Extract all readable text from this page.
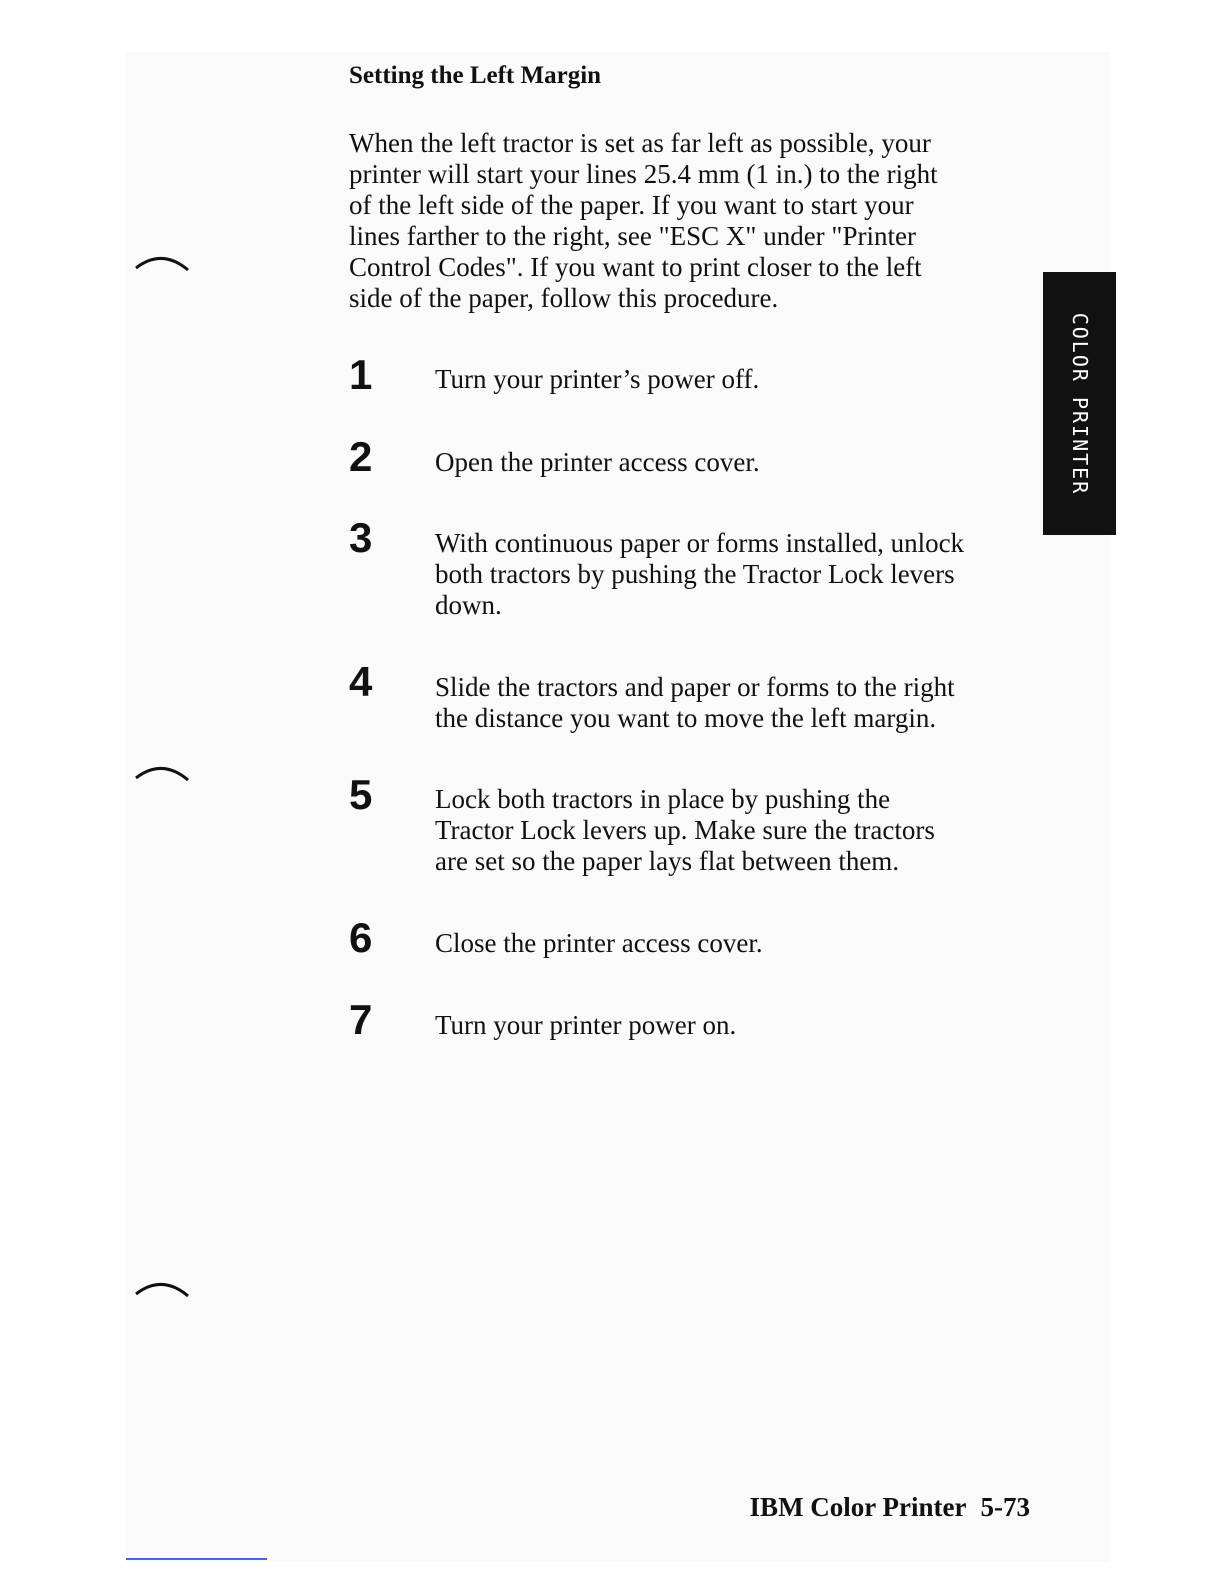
Setting the Left Margin
When the left tractor is set as far left as possible, your
printer will start your lines 25.4 mm (1 in.) to the right
of the left side of the paper. If you want to start your
lines farther to the right, see "ESC X" under "Printer
Control Codes". If you want to print closer to the left
side of the paper, follow this procedure.
1 Turn your printer’s power off.
2 Open the printer access cover.
3 With continuous paper or forms installed, unlock
both tractors by pushing the Tractor Lock levers
down.
4 Slide the tractors and paper or forms to the right
the distance you want to move the left margin.
5 Lock both tractors in place by pushing the
Tractor Lock levers up. Make sure the tractors
are set so the paper lays flat between them.
6 Close the printer access cover.
7 Turn your printer power on.
COLOR PRINTER
IBM Color Printer 5-73
